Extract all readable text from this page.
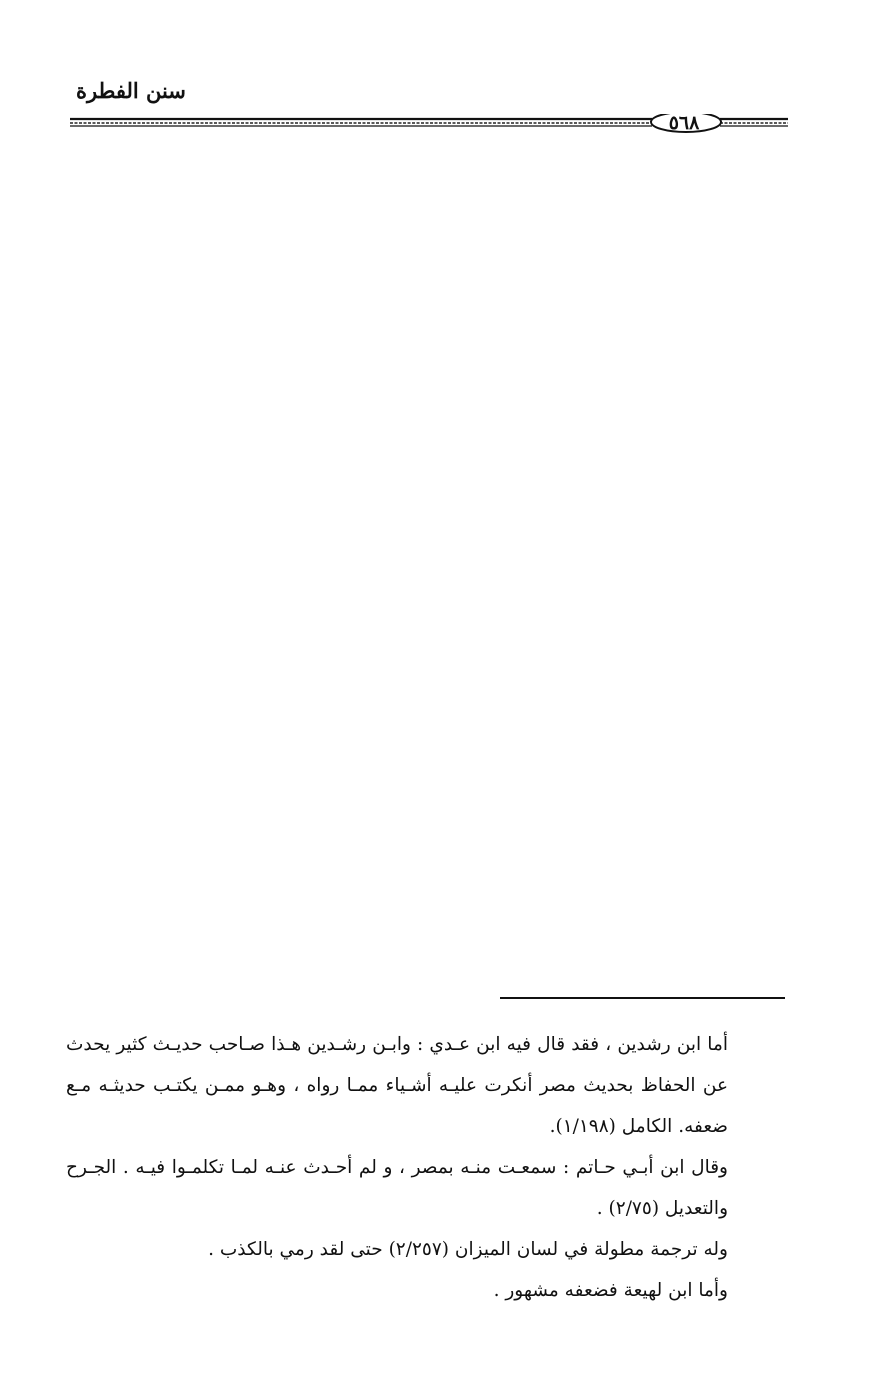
سنن الفطرة
٥٦٨

أما ابن رشدين ، فقد قال فيه ابن عـدي : وابـن رشـدين هـذا صـاحب حديـث كثير يحدث عن الحفاظ بحديث مصر أنكرت عليـه أشـياء ممـا رواه ، وهـو ممـن يكتـب حديثـه مـع ضعفه. الكامل (١/١٩٨).

وقال ابن أبـي حـاتم : سمعـت منـه بمصر ، و لم أحـدث عنـه لمـا تكلمـوا فيـه . الجـرح والتعديل (٢/٧٥) .

وله ترجمة مطولة في لسان الميزان (٢/٢٥٧) حتى لقد رمي بالكذب .

وأما ابن لهيعة فضعفه مشهور .
